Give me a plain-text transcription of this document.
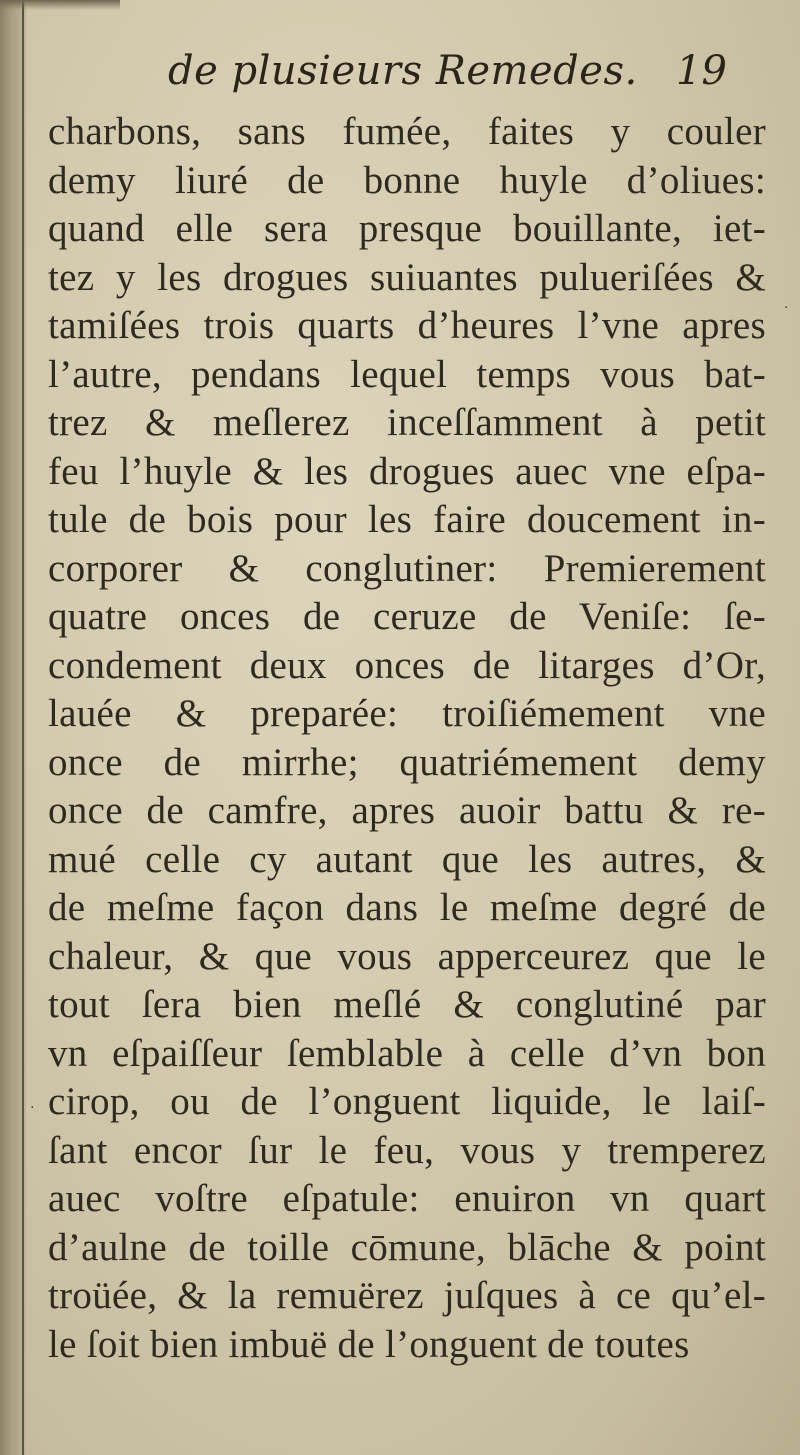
de plusieurs Remedes. 19
charbons, sans fumée, faites y couler
demy liuré de bonne huyle d’oliues:
quand elle sera presque bouillante, iet-
tez y les drogues suiuantes pulueriſées &
tamiſées trois quarts d’heures l’vne apres
l’autre, pendans lequel temps vous bat-
trez & meſlerez inceſſamment à petit
feu l’huyle & les drogues auec vne eſpa-
tule de bois pour les faire doucement in-
corporer & conglutiner: Premierement
quatre onces de ceruze de Veniſe: ſe-
condement deux onces de litarges d’Or,
lauée & preparée: troiſiémement vne
once de mirrhe; quatriémement demy
once de camfre, apres auoir battu & re-
mué celle cy autant que les autres, &
de meſme façon dans le meſme degré de
chaleur, & que vous apperceurez que le
tout ſera bien meſlé & conglutiné par
vn eſpaiſſeur ſemblable à celle d’vn bon
cirop, ou de l’onguent liquide, le laiſ-
ſant encor ſur le feu, vous y tremperez
auec voſtre eſpatule: enuiron vn quart
d’aulne de toille cōmune, blāche & point
troüée, & la remuërez juſques à ce qu’el-
le ſoit bien imbuë de l’onguent de toutes
·
·
